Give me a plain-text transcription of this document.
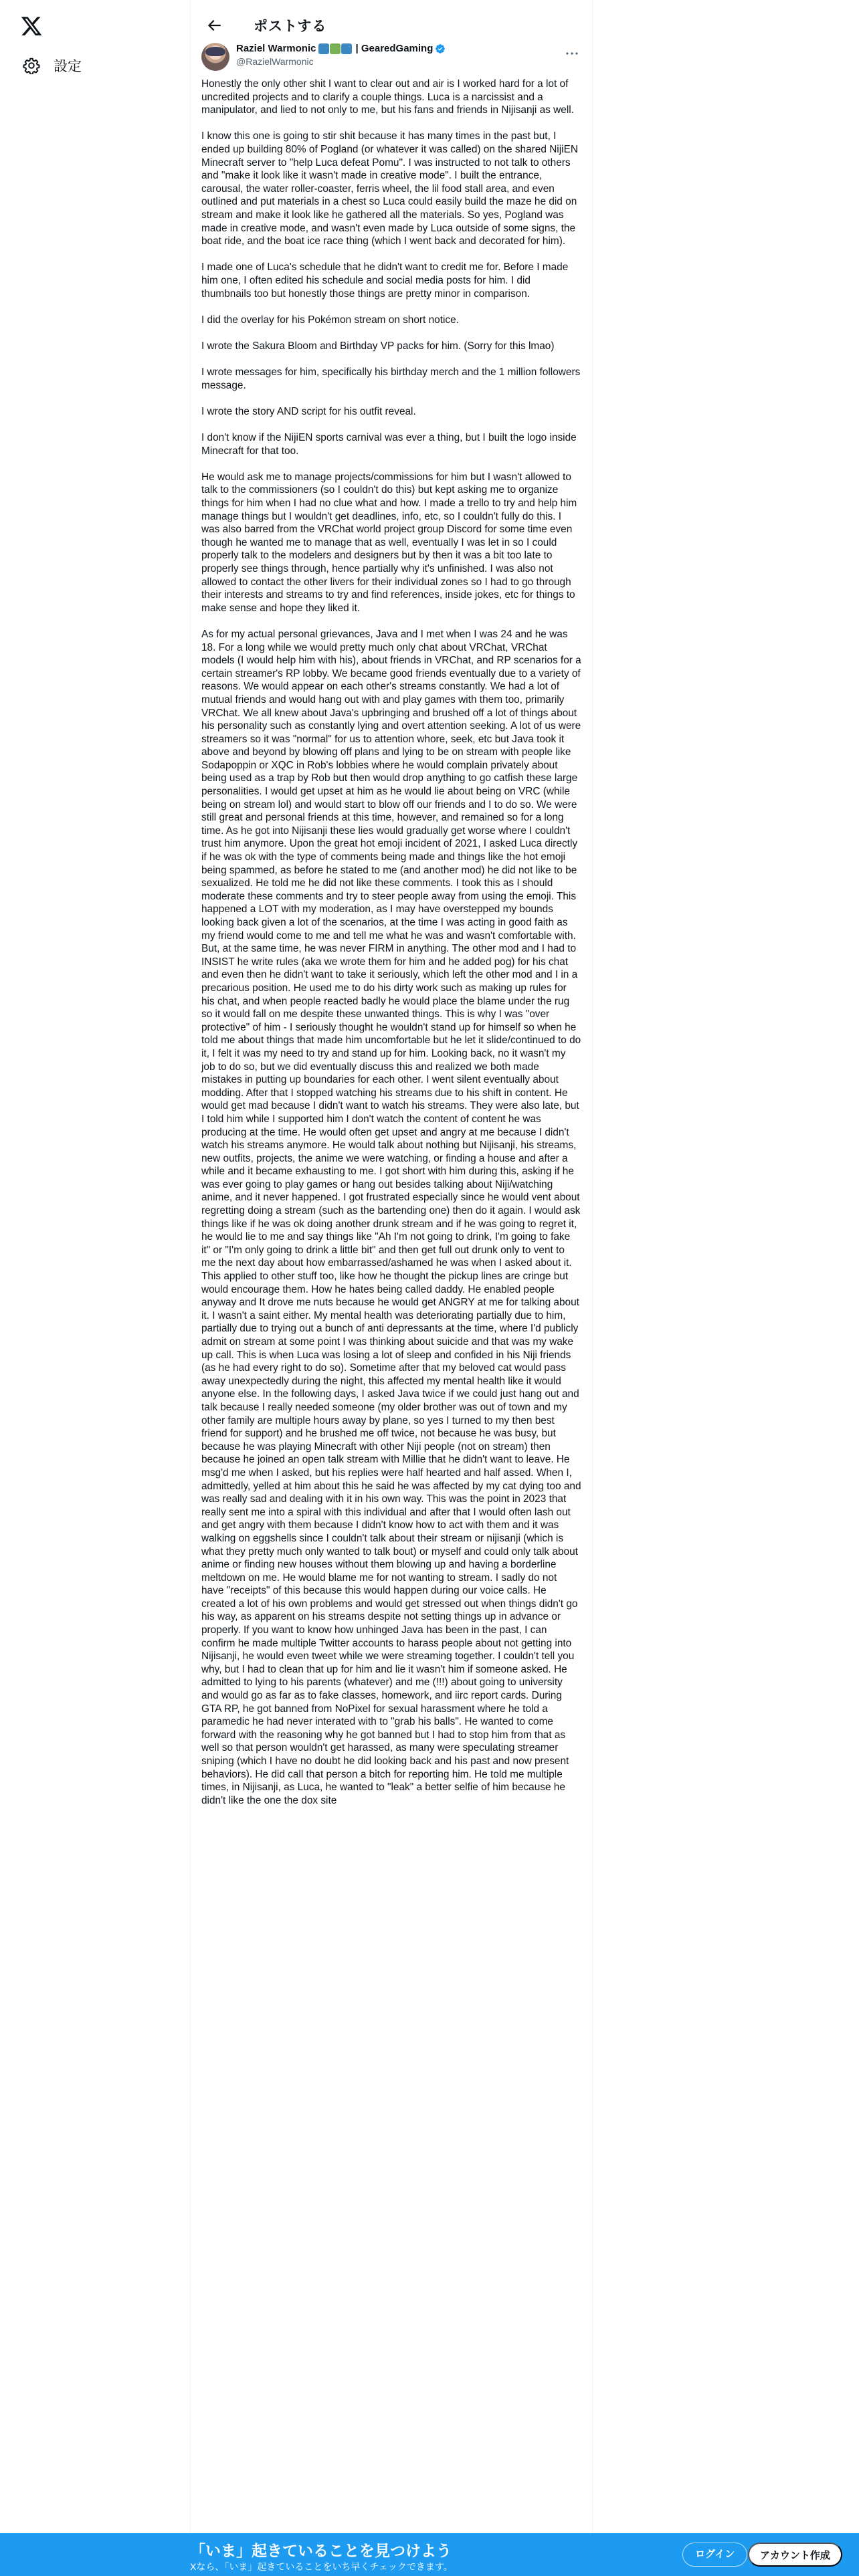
設定
ポストする
Raziel Warmonic	| GearedGaming
@RazielWarmonic

Honestly the only other shit I want to clear out and air is I worked hard for a lot of uncredited projects and to clarify a couple things. Luca is a narcissist and a manipulator, and lied to not only to me, but his fans and friends in Nijisanji as well.

I know this one is going to stir shit because it has many times in the past but, I ended up building 80% of Pogland (or whatever it was called) on the shared NijiEN Minecraft server to "help Luca defeat Pomu". I was instructed to not talk to others and "make it look like it wasn't made in creative mode". I built the entrance, carousal, the water roller-coaster, ferris wheel, the lil food stall area, and even outlined and put materials in a chest so Luca could easily build the maze he did on stream and make it look like he gathered all the materials. So yes, Pogland was made in creative mode, and wasn't even made by Luca outside of some signs, the boat ride, and the boat ice race thing (which I went back and decorated for him).

I made one of Luca's schedule that he didn't want to credit me for. Before I made him one, I often edited his schedule and social media posts for him. I did thumbnails too but honestly those things are pretty minor in comparison.

I did the overlay for his Pokémon stream on short notice.

I wrote the Sakura Bloom and Birthday VP packs for him. (Sorry for this lmao)

I wrote messages for him, specifically his birthday merch and the 1 million followers message.

I wrote the story AND script for his outfit reveal.

I don't know if the NijiEN sports carnival was ever a thing, but I built the logo inside Minecraft for that too.

He would ask me to manage projects/commissions for him but I wasn't allowed to talk to the commissioners (so I couldn't do this) but kept asking me to organize things for him when I had no clue what and how. I made a trello to try and help him manage things but I wouldn't get deadlines, info, etc, so I couldn't fully do this. I was also barred from the VRChat world project group Discord for some time even though he wanted me to manage that as well, eventually I was let in so I could properly talk to the modelers and designers but by then it was a bit too late to properly see things through, hence partially why it's unfinished. I was also not allowed to contact the other livers for their individual zones so I had to go through their interests and streams to try and find references, inside jokes, etc for things to make sense and hope they liked it.

As for my actual personal grievances, Java and I met when I was 24 and he was 18. For a long while we would pretty much only chat about VRChat, VRChat models (I would help him with his), about friends in VRChat, and RP scenarios for a certain streamer's RP lobby. We became good friends eventually due to a variety of reasons. We would appear on each other's streams constantly. We had a lot of mutual friends and would hang out with and play games with them too, primarily VRChat. We all knew about Java's upbringing and brushed off a lot of things about his personality such as constantly lying and overt attention seeking. A lot of us were streamers so it was "normal" for us to attention whore, seek, etc but Java took it above and beyond by blowing off plans and lying to be on stream with people like Sodapoppin or XQC in Rob's lobbies where he would complain privately about being used as a trap by Rob but then would drop anything to go catfish these large personalities. I would get upset at him as he would lie about being on VRC (while being on stream lol) and would start to blow off our friends and I to do so. We were still great and personal friends at this time, however, and remained so for a long time. As he got into Nijisanji these lies would gradually get worse where I couldn't trust him anymore. Upon the great hot emoji incident of 2021, I asked Luca directly if he was ok with the type of comments being made and things like the hot emoji being spammed, as before he stated to me (and another mod) he did not like to be sexualized. He told me he did not like these comments. I took this as I should moderate these comments and try to steer people away from using the emoji. This happened a LOT with my moderation, as I may have overstepped my bounds looking back given a lot of the scenarios, at the time I was acting in good faith as my friend would come to me and tell me what he was and wasn't comfortable with. But, at the same time, he was never FIRM in anything. The other mod and I had to INSIST he write rules (aka we wrote them for him and he added pog) for his chat and even then he didn't want to take it seriously, which left the other mod and I in a precarious position. He used me to do his dirty work such as making up rules for his chat, and when people reacted badly he would place the blame under the rug so it would fall on me despite these unwanted things. This is why I was "over protective" of him - I seriously thought he wouldn't stand up for himself so when he told me about things that made him uncomfortable but he let it slide/continued to do it, I felt it was my need to try and stand up for him. Looking back, no it wasn't my job to do so, but we did eventually discuss this and realized we both made mistakes in putting up boundaries for each other. I went silent eventually about modding. After that I stopped watching his streams due to his shift in content. He would get mad because I didn't want to watch his streams. They were also late, but I told him while I supported him I don't watch the content of content he was producing at the time. He would often get upset and angry at me because I didn't watch his streams anymore. He would talk about nothing but Nijisanji, his streams, new outfits, projects, the anime we were watching, or finding a house and after a while and it became exhausting to me. I got short with him during this, asking if he was ever going to play games or hang out besides talking about Niji/watching anime, and it never happened. I got frustrated especially since he would vent about regretting doing a stream (such as the bartending one) then do it again. I would ask things like if he was ok doing another drunk stream and if he was going to regret it, he would lie to me and say things like "Ah I'm not going to drink, I'm going to fake it" or "I'm only going to drink a little bit" and then get full out drunk only to vent to me the next day about how embarrassed/ashamed he was when I asked about it. This applied to other stuff too, like how he thought the pickup lines are cringe but would encourage them. How he hates being called daddy. He enabled people anyway and It drove me nuts because he would get ANGRY at me for talking about it. I wasn't a saint either. My mental health was deteriorating partially due to him, partially due to trying out a bunch of anti depressants at the time, where I'd publicly admit on stream at some point I was thinking about suicide and that was my wake up call. This is when Luca was losing a lot of sleep and confided in his Niji friends (as he had every right to do so). Sometime after that my beloved cat would pass away unexpectedly during the night, this affected my mental health like it would anyone else. In the following days, I asked Java twice if we could just hang out and talk because I really needed someone (my older brother was out of town and my other family are multiple hours away by plane, so yes I turned to my then best friend for support) and he brushed me off twice, not because he was busy, but because he was playing Minecraft with other Niji people (not on stream) then because he joined an open talk stream with Millie that he didn't want to leave. He msg'd me when I asked, but his replies were half hearted and half assed. When I, admittedly, yelled at him about this he said he was affected by my cat dying too and was really sad and dealing with it in his own way. This was the point in 2023 that really sent me into a spiral with this individual and after that I would often lash out and get angry with them because I didn't know how to act with them and it was walking on eggshells since I couldn't talk about their stream or nijisanji (which is what they pretty much only wanted to talk bout) or myself and could only talk about anime or finding new houses without them blowing up and having a borderline meltdown on me. He would blame me for not wanting to stream. I sadly do not have "receipts" of this because this would happen during our voice calls. He created a lot of his own problems and would get stressed out when things didn't go his way, as apparent on his streams despite not setting things up in advance or properly. If you want to know how unhinged Java has been in the past, I can confirm he made multiple Twitter accounts to harass people about not getting into Nijisanji, he would even tweet while we were streaming together. I couldn't tell you why, but I had to clean that up for him and lie it wasn't him if someone asked. He admitted to lying to his parents (whatever) and me (!!!) about going to university and would go as far as to fake classes, homework, and iirc report cards. During GTA RP, he got banned from NoPixel for sexual harassment where he told a paramedic he had never interated with to "grab his balls". He wanted to come forward with the reasoning why he got banned but I had to stop him from that as well so that person wouldn't get harassed, as many were speculating streamer sniping (which I have no doubt he did looking back and his past and now present behaviors). He did call that person a bitch for reporting him. He told me multiple times, in Nijisanji, as Luca, he wanted to "leak" a better selfie of him because he didn't like the one the dox site

「いま」起きていることを見つけよう
Xなら、「いま」起きていることをいち早くチェックできます。
ログイン	アカウント作成
